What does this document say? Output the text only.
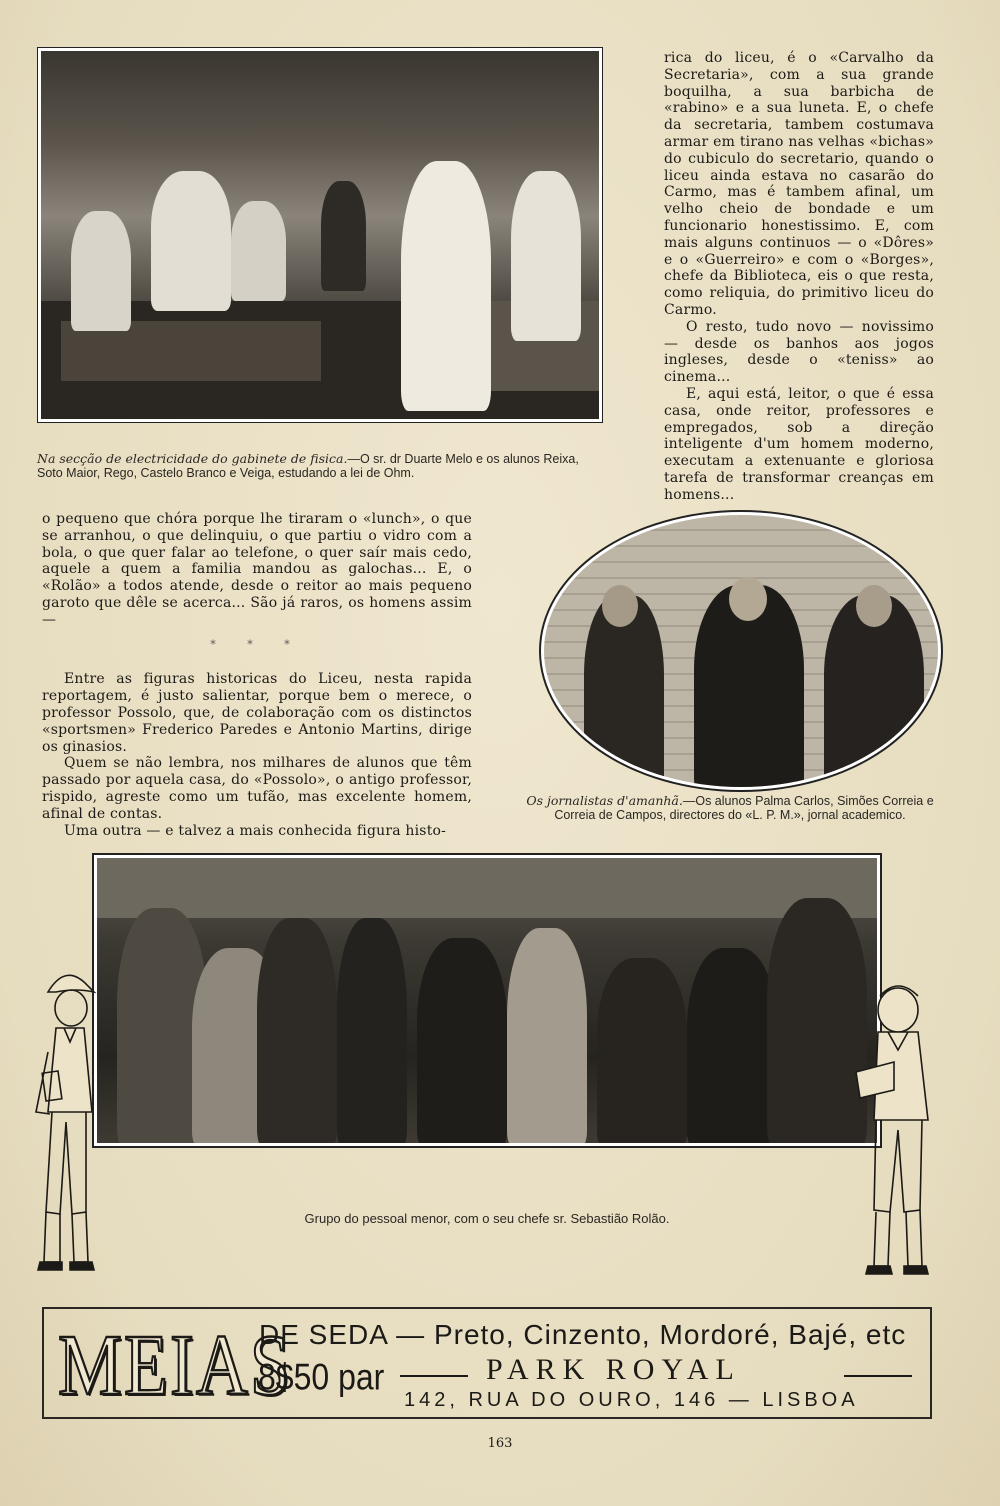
Na secção de electricidade do gabinete de fisica.—O sr. dr Duarte Melo e os alunos Reixa, Soto Maior, Rego, Castelo Branco e Veiga, estudando a lei de Ohm.

rica do liceu, é o «Carvalho da Secretaria», com a sua grande boquilha, a sua barbicha de «rabino» e a sua luneta. E, o chefe da secretaria, tambem costumava armar em tirano nas velhas «bichas» do cubiculo do secretario, quando o liceu ainda estava no casarão do Carmo, mas é tambem afinal, um velho cheio de bondade e um funcionario honestissimo. E, com mais alguns continuos — o «Dôres» e o «Guerreiro» e com o «Borges», chefe da Biblioteca, eis o que resta, como reliquia, do primitivo liceu do Carmo.

O resto, tudo novo — novissimo — desde os banhos aos jogos ingleses, desde o «teniss» ao cinema...

E, aqui está, leitor, o que é essa casa, onde reitor, professores e empregados, sob a direção inteligente d'um homem moderno, executam a extenuante e gloriosa tarefa de transformar creanças em homens...

o pequeno que chóra porque lhe tiraram o «lunch», o que se arranhou, o que delinquiu, o que partiu o vidro com a bola, o que quer falar ao telefone, o quer saír mais cedo, aquele a quem a familia mandou as galochas... E, o «Rolão» a todos atende, desde o reitor ao mais pequeno garoto que dêle se acerca... São já raros, os homens assim —

* * *

Entre as figuras historicas do Liceu, nesta rapida reportagem, é justo salientar, porque bem o merece, o professor Possolo, que, de colaboração com os distinctos «sportsmen» Frederico Paredes e Antonio Martins, dirige os ginasios.

Quem se não lembra, nos milhares de alunos que têm passado por aquela casa, do «Possolo», o antigo professor, rispido, agreste como um tufão, mas excelente homem, afinal de contas.

Uma outra — e talvez a mais conhecida figura histo-

Os jornalistas d'amanhã.—Os alunos Palma Carlos, Simões Correia e Correia de Campos, directores do «L. P. M.», jornal academico.
Grupo do pessoal menor, com o seu chefe sr. Sebastião Rolão.
MEIAS
DE SEDA — Preto, Cinzento, Mordoré, Bajé, etc
8$50 par	PARK ROYAL
142, RUA DO OURO, 146 — LISBOA
163
